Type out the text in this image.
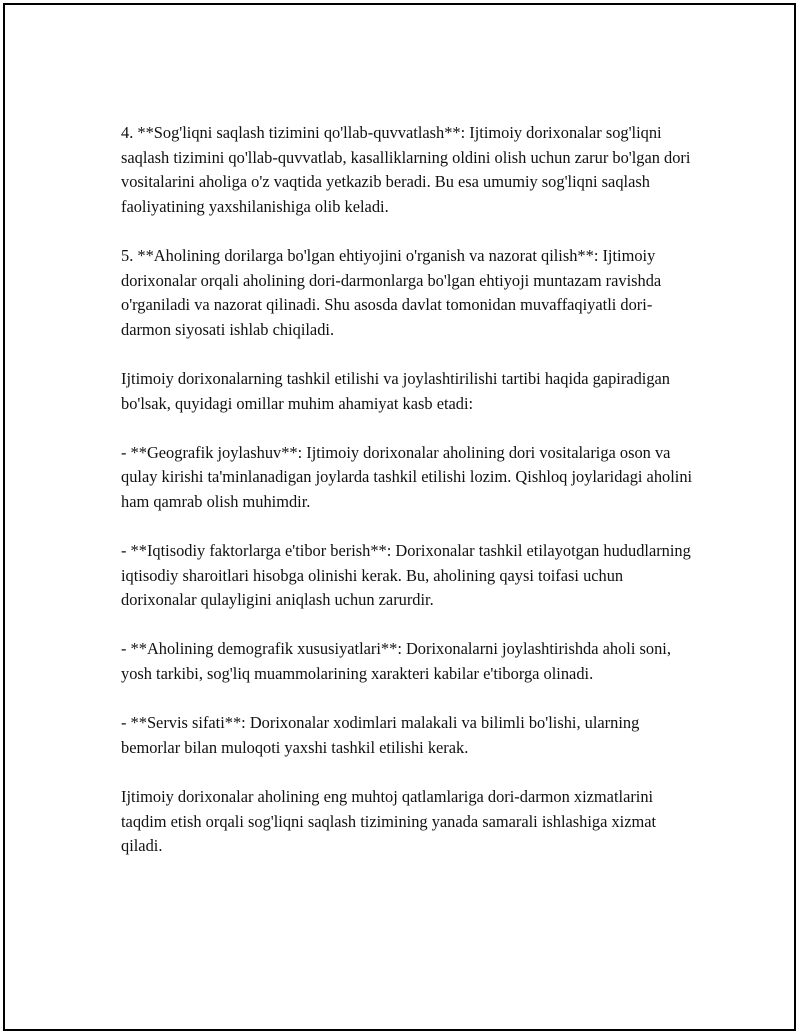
4. **Sog'liqni saqlash tizimini qo'llab-quvvatlash**: Ijtimoiy dorixonalar sog'liqni saqlash tizimini qo'llab-quvvatlab, kasalliklarning oldini olish uchun zarur bo'lgan dori vositalarini aholiga o'z vaqtida yetkazib beradi. Bu esa umumiy sog'liqni saqlash faoliyatining yaxshilanishiga olib keladi.

5. **Aholining dorilarga bo'lgan ehtiyojini o'rganish va nazorat qilish**: Ijtimoiy dorixonalar orqali aholining dori-darmonlarga bo'lgan ehtiyoji muntazam ravishda o'rganiladi va nazorat qilinadi. Shu asosda davlat tomonidan muvaffaqiyatli dori-darmon siyosati ishlab chiqiladi.

Ijtimoiy dorixonalarning tashkil etilishi va joylashtirilishi tartibi haqida gapiradigan bo'lsak, quyidagi omillar muhim ahamiyat kasb etadi:

- **Geografik joylashuv**: Ijtimoiy dorixonalar aholining dori vositalariga oson va qulay kirishi ta'minlanadigan joylarda tashkil etilishi lozim. Qishloq joylaridagi aholini ham qamrab olish muhimdir.

- **Iqtisodiy faktorlarga e'tibor berish**: Dorixonalar tashkil etilayotgan hududlarning iqtisodiy sharoitlari hisobga olinishi kerak. Bu, aholining qaysi toifasi uchun dorixonalar qulayligini aniqlash uchun zarurdir.

- **Aholining demografik xususiyatlari**: Dorixonalarni joylashtirishda aholi soni, yosh tarkibi, sog'liq muammolarining xarakteri kabilar e'tiborga olinadi.

- **Servis sifati**: Dorixonalar xodimlari malakali va bilimli bo'lishi, ularning bemorlar bilan muloqoti yaxshi tashkil etilishi kerak.

Ijtimoiy dorixonalar aholining eng muhtoj qatlamlariga dori-darmon xizmatlarini taqdim etish orqali sog'liqni saqlash tizimining yanada samarali ishlashiga xizmat qiladi.
